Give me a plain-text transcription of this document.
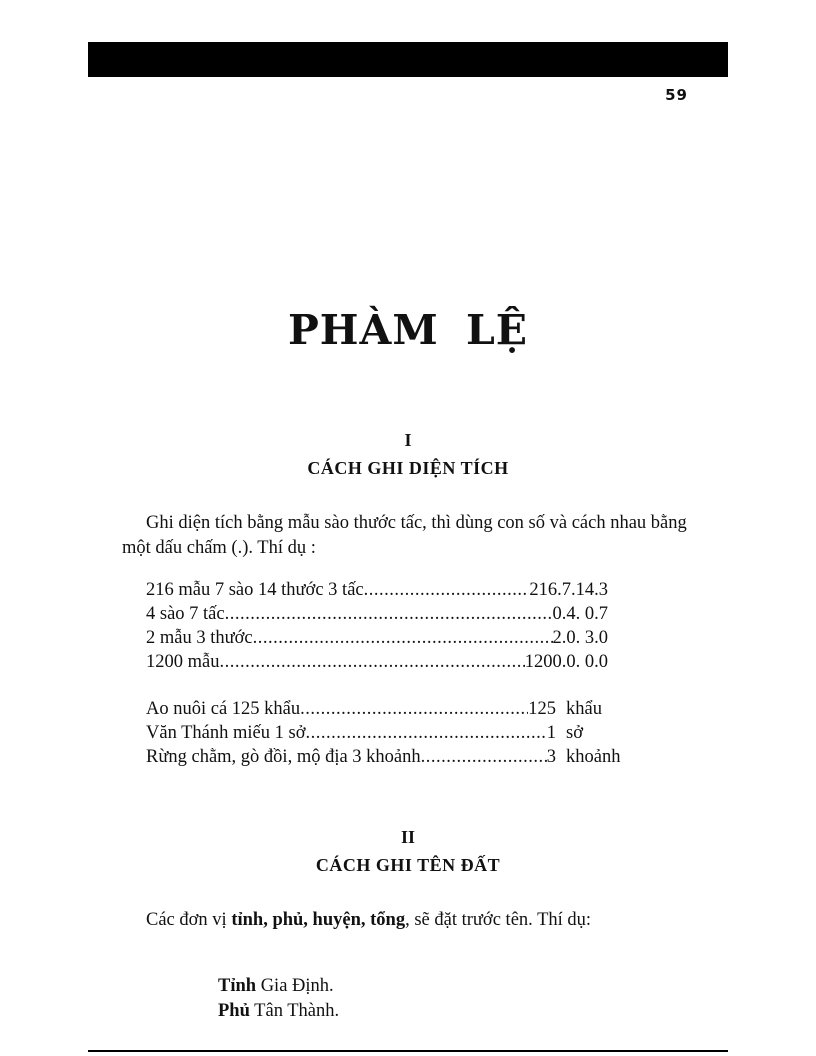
59
PHÀM LỆ
I
CÁCH GHI DIỆN TÍCH

Ghi diện tích bằng mẫu sào thước tấc, thì dùng con số và cách nhau bằng một dấu chấm (.). Thí dụ :

216 mẫu 7 sào 14 thước 3 tấc .....	216.7.14.3
4 sào 7 tấc .....	0.4. 0.7
2 mẫu 3 thước .....	2.0. 3.0
1200 mẫu .....	1200.0. 0.0
Ao nuôi cá 125 khẩu .....	125 khẩu
Văn Thánh miếu 1 sở .....	1 sở
Rừng chằm, gò đồi, mộ địa 3 khoảnh .....	3 khoảnh
II
CÁCH GHI TÊN ĐẤT

Các đơn vị tỉnh, phủ, huyện, tổng, sẽ đặt trước tên. Thí dụ:

Tỉnh Gia Định.
Phủ Tân Thành.
